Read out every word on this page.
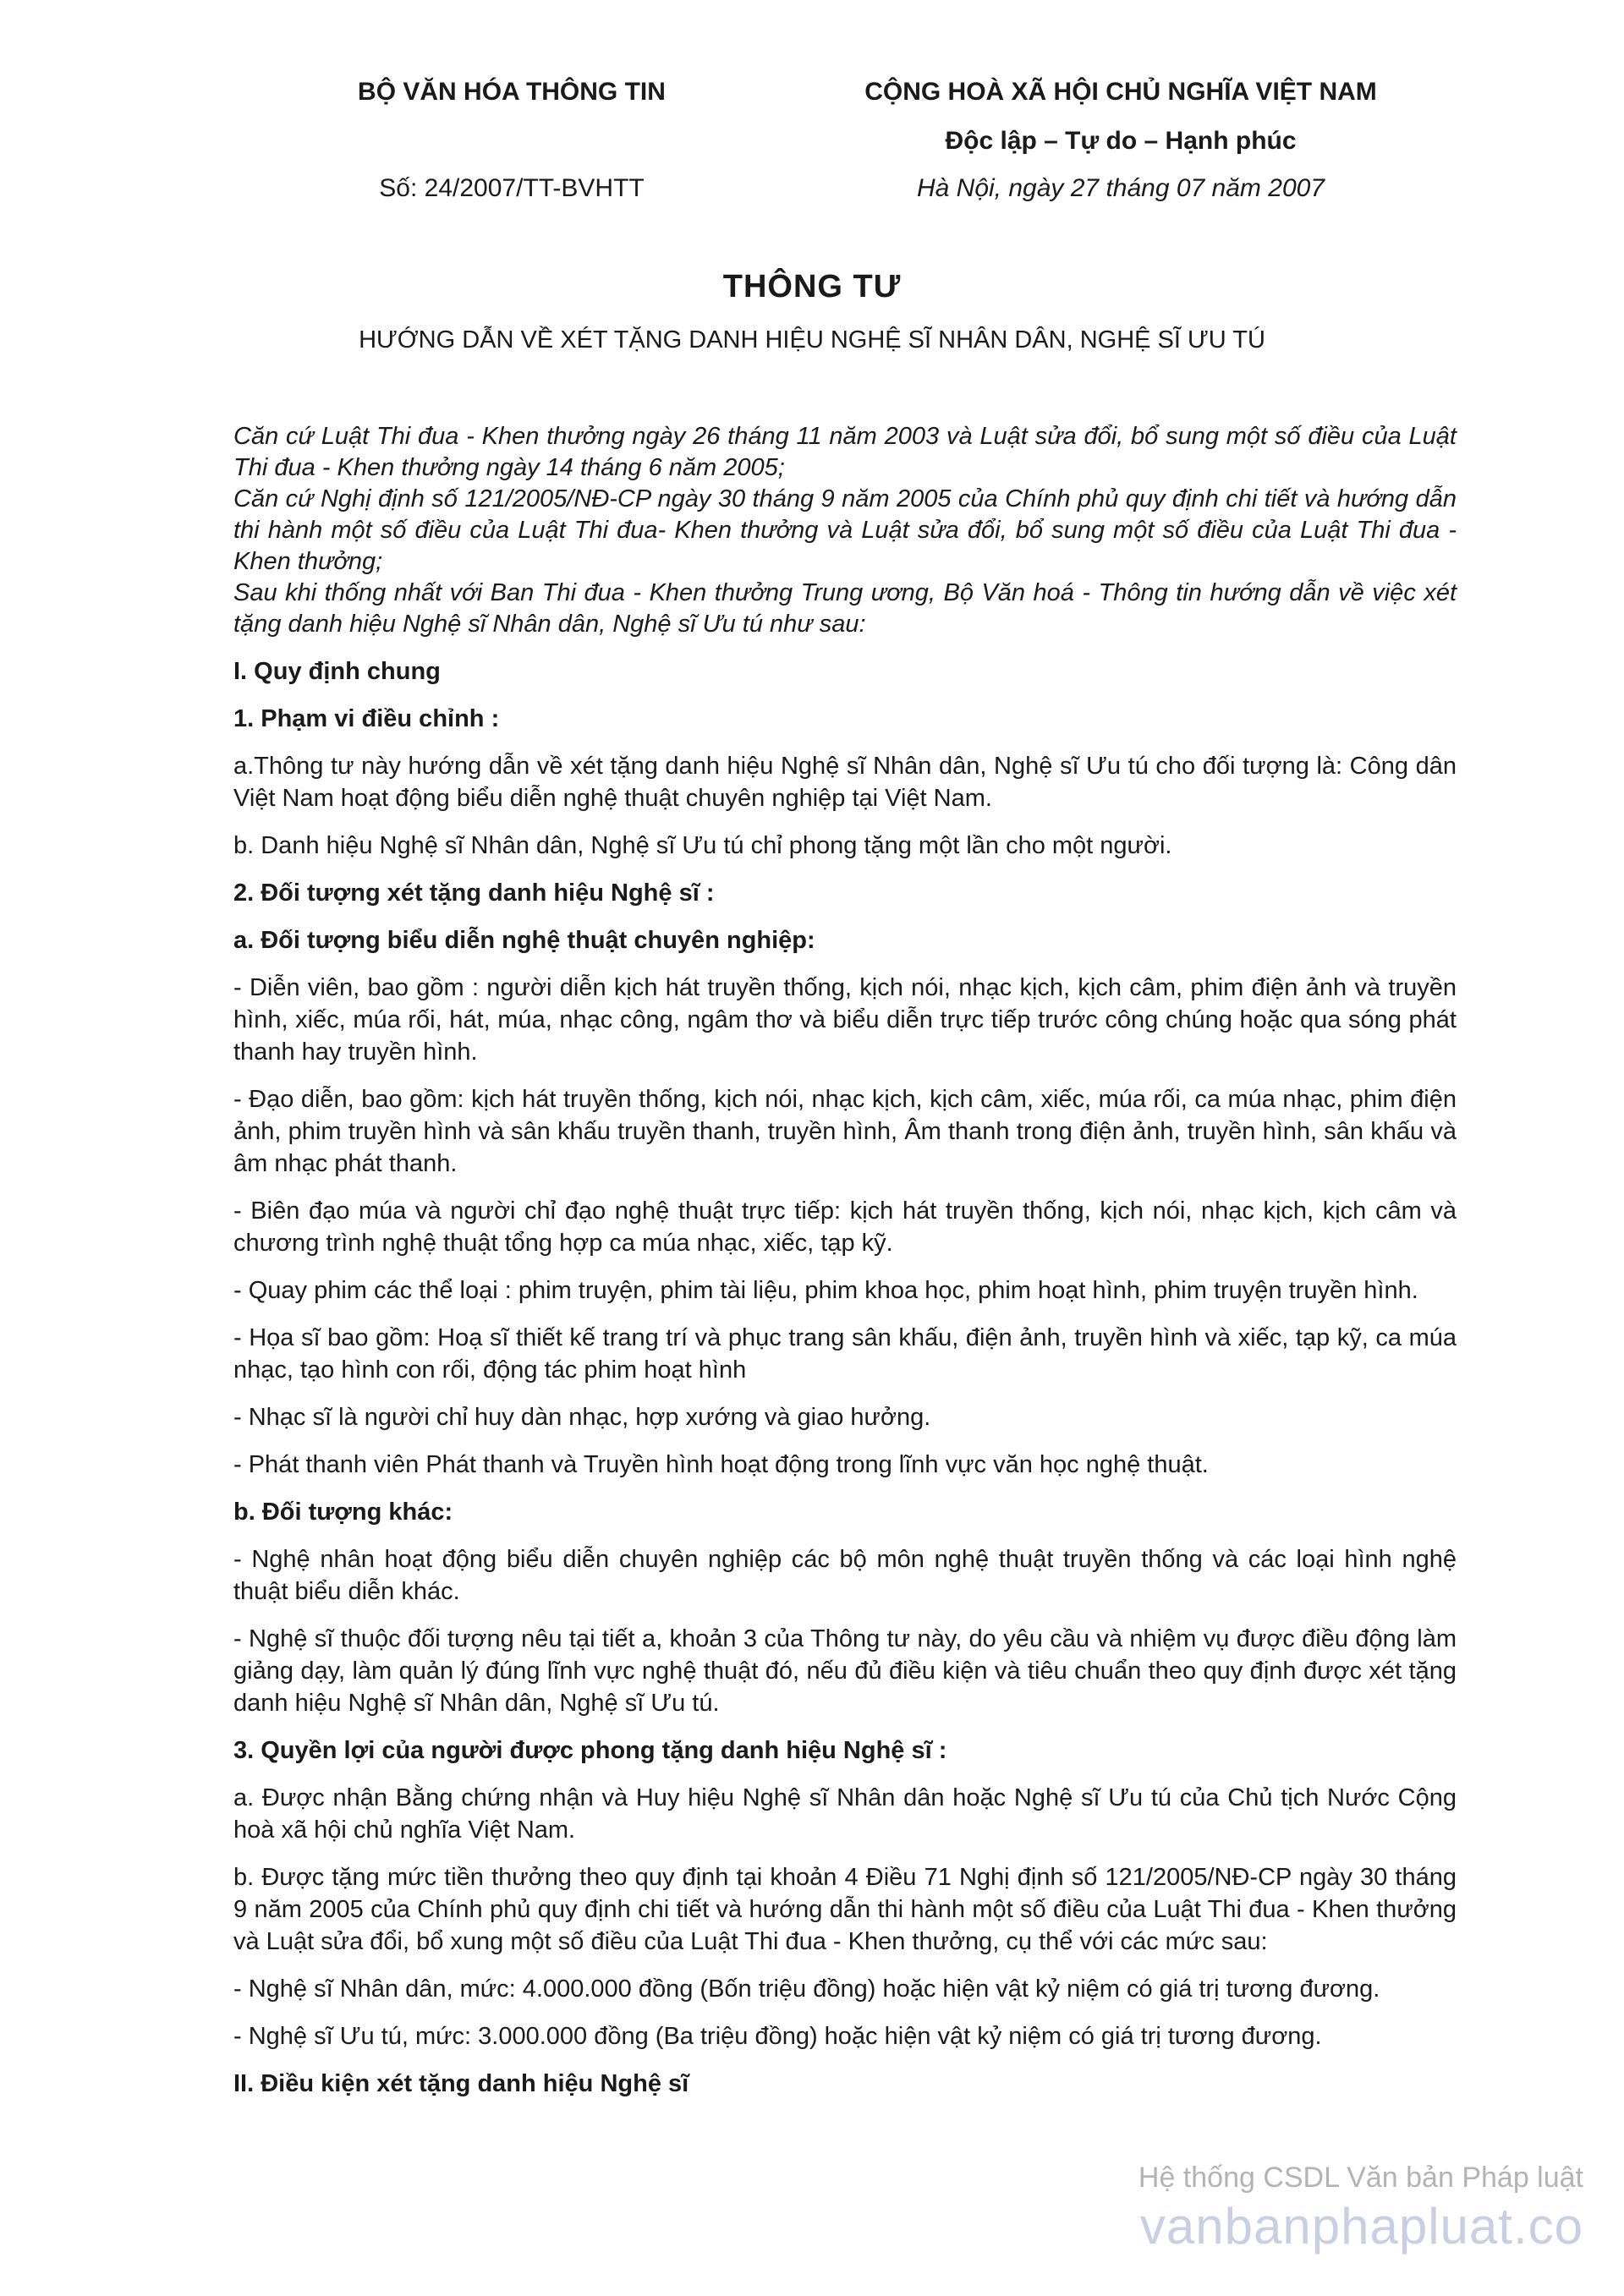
BỘ VĂN HÓA THÔNG TIN	CỘNG HOÀ XÃ HỘI CHỦ NGHĨA VIỆT NAM
Độc lập – Tự do – Hạnh phúc
Số: 24/2007/TT-BVHTT	Hà Nội, ngày 27 tháng 07 năm 2007
THÔNG TƯ
HƯỚNG DẪN VỀ XÉT TẶNG DANH HIỆU NGHỆ SĨ NHÂN DÂN, NGHỆ SĨ ƯU TÚ

Căn cứ Luật Thi đua - Khen thưởng ngày 26 tháng 11 năm 2003 và Luật sửa đổi, bổ sung một số điều của Luật Thi đua - Khen thưởng ngày 14 tháng 6 năm 2005;

Căn cứ Nghị định số 121/2005/NĐ-CP ngày 30 tháng 9 năm 2005 của Chính phủ quy định chi tiết và hướng dẫn thi hành một số điều của Luật Thi đua- Khen thưởng và Luật sửa đổi, bổ sung một số điều của Luật Thi đua - Khen thưởng;

Sau khi thống nhất với Ban Thi đua - Khen thưởng Trung ương, Bộ Văn hoá - Thông tin hướng dẫn về việc xét tặng danh hiệu Nghệ sĩ Nhân dân, Nghệ sĩ Ưu tú như sau:

I. Quy định chung

1. Phạm vi điều chỉnh :

a.Thông tư này hướng dẫn về xét tặng danh hiệu Nghệ sĩ Nhân dân, Nghệ sĩ Ưu tú cho đối tượng là: Công dân Việt Nam hoạt động biểu diễn nghệ thuật chuyên nghiệp tại Việt Nam.

b. Danh hiệu Nghệ sĩ Nhân dân, Nghệ sĩ Ưu tú chỉ phong tặng một lần cho một người.

2. Đối tượng xét tặng danh hiệu Nghệ sĩ :

a. Đối tượng biểu diễn nghệ thuật chuyên nghiệp:

- Diễn viên, bao gồm : người diễn kịch hát truyền thống, kịch nói, nhạc kịch, kịch câm, phim điện ảnh và truyền hình, xiếc, múa rối, hát, múa, nhạc công, ngâm thơ và biểu diễn trực tiếp trước công chúng hoặc qua sóng phát thanh hay truyền hình.

- Đạo diễn, bao gồm: kịch hát truyền thống, kịch nói, nhạc kịch, kịch câm, xiếc, múa rối, ca múa nhạc, phim điện ảnh, phim truyền hình và sân khấu truyền thanh, truyền hình, Âm thanh trong điện ảnh, truyền hình, sân khấu và âm nhạc phát thanh.

- Biên đạo múa và người chỉ đạo nghệ thuật trực tiếp: kịch hát truyền thống, kịch nói, nhạc kịch, kịch câm và chương trình nghệ thuật tổng hợp ca múa nhạc, xiếc, tạp kỹ.

- Quay phim các thể loại : phim truyện, phim tài liệu, phim khoa học, phim hoạt hình, phim truyện truyền hình.

- Họa sĩ bao gồm: Hoạ sĩ thiết kế trang trí và phục trang sân khấu, điện ảnh, truyền hình và xiếc, tạp kỹ, ca múa nhạc, tạo hình con rối, động tác phim hoạt hình

- Nhạc sĩ là người chỉ huy dàn nhạc, hợp xướng và giao hưởng.

- Phát thanh viên Phát thanh và Truyền hình hoạt động trong lĩnh vực văn học nghệ thuật.

b. Đối tượng khác:

- Nghệ nhân hoạt động biểu diễn chuyên nghiệp các bộ môn nghệ thuật truyền thống và các loại hình nghệ thuật biểu diễn khác.

- Nghệ sĩ thuộc đối tượng nêu tại tiết a, khoản 3 của Thông tư này, do yêu cầu và nhiệm vụ được điều động làm giảng dạy, làm quản lý đúng lĩnh vực nghệ thuật đó, nếu đủ điều kiện và tiêu chuẩn theo quy định được xét tặng danh hiệu Nghệ sĩ Nhân dân, Nghệ sĩ Ưu tú.

3. Quyền lợi của người được phong tặng danh hiệu Nghệ sĩ :

a. Được nhận Bằng chứng nhận và Huy hiệu Nghệ sĩ Nhân dân hoặc Nghệ sĩ Ưu tú của Chủ tịch Nước Cộng hoà xã hội chủ nghĩa Việt Nam.

b. Được tặng mức tiền thưởng theo quy định tại khoản 4 Điều 71 Nghị định số 121/2005/NĐ-CP ngày 30 tháng 9 năm 2005 của Chính phủ quy định chi tiết và hướng dẫn thi hành một số điều của Luật Thi đua - Khen thưởng và Luật sửa đổi, bổ xung một số điều của Luật Thi đua - Khen thưởng, cụ thể với các mức sau:

- Nghệ sĩ Nhân dân, mức: 4.000.000 đồng (Bốn triệu đồng) hoặc hiện vật kỷ niệm có giá trị tương đương.

- Nghệ sĩ Ưu tú, mức: 3.000.000 đồng (Ba triệu đồng) hoặc hiện vật kỷ niệm có giá trị tương đương.

II. Điều kiện xét tặng danh hiệu Nghệ sĩ

Hệ thống CSDL Văn bản Pháp luật
vanbanphapluat.co
